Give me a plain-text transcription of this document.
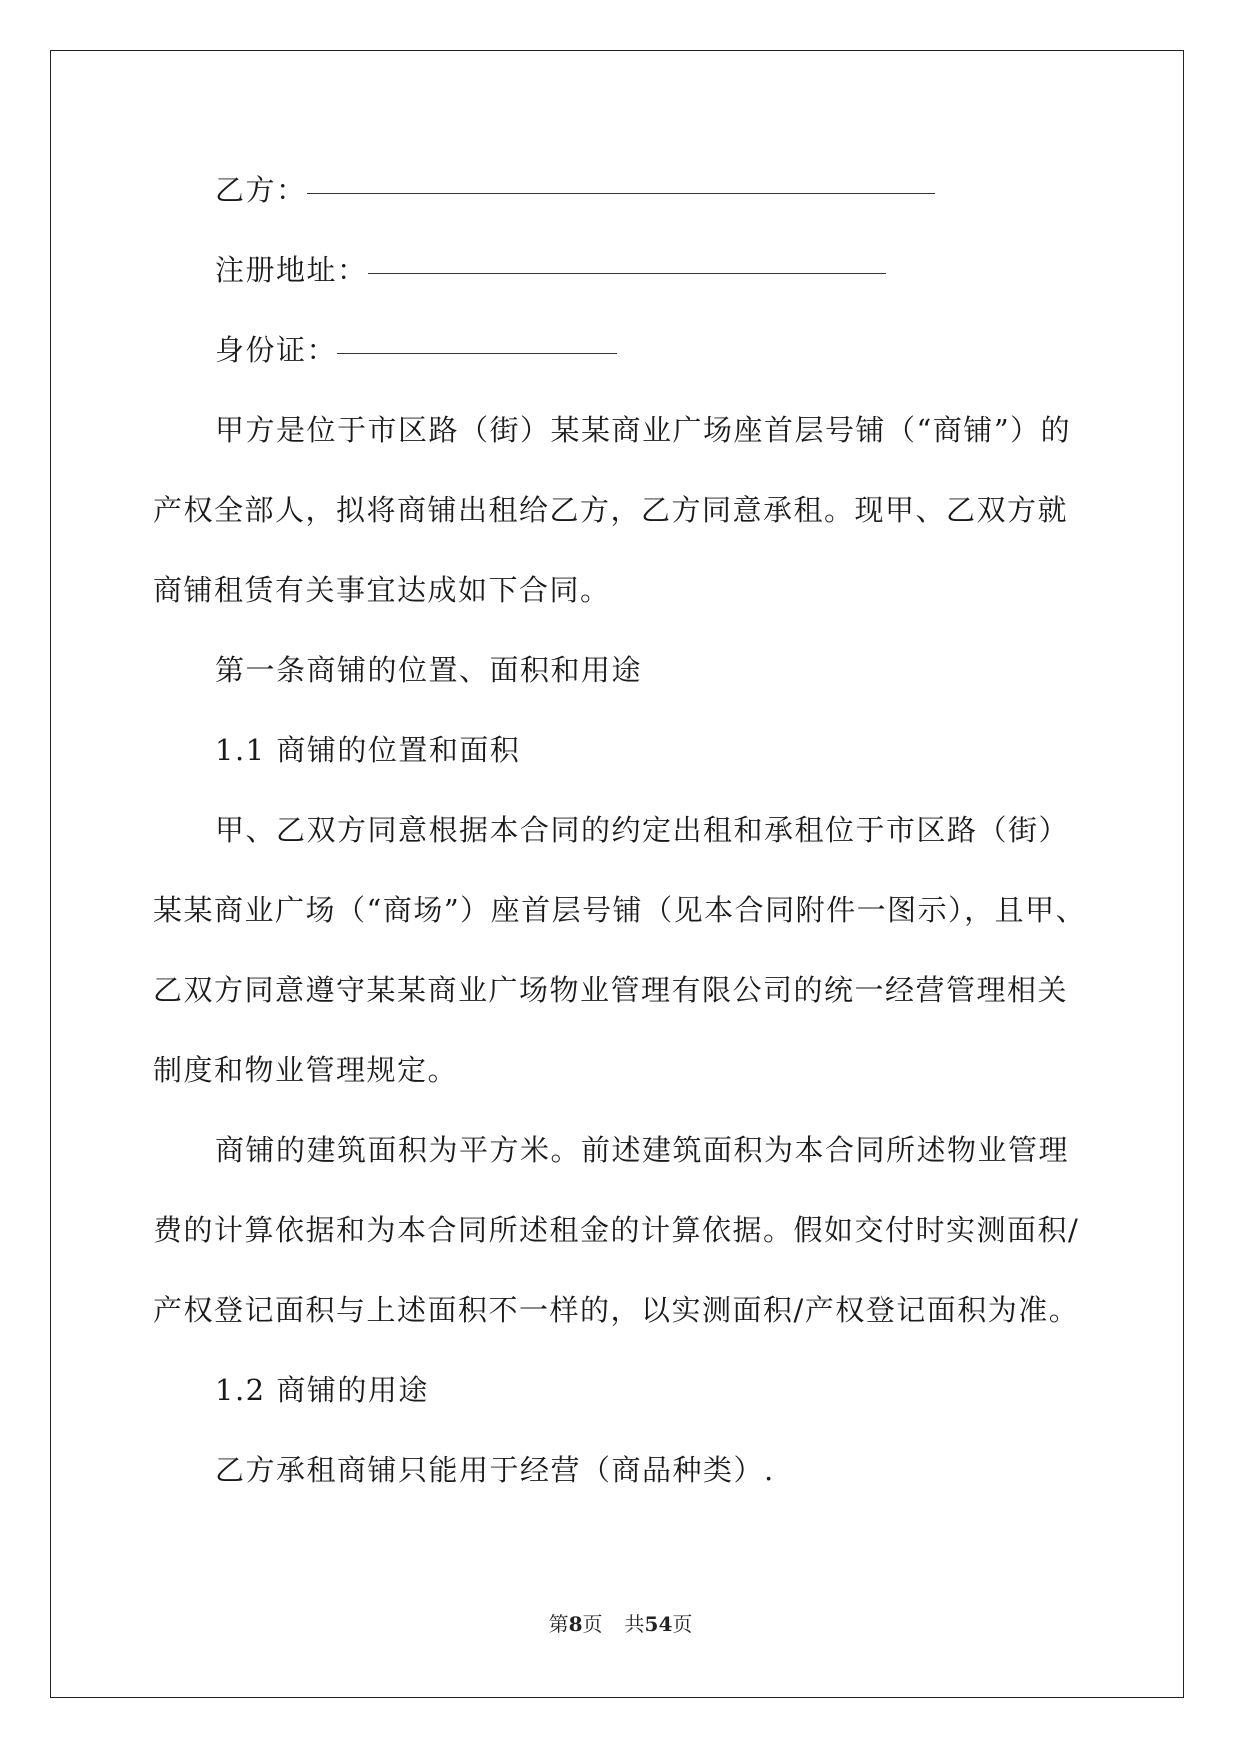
乙方：
注册地址：
身份证：
甲方是位于市区路（街）某某商业广场座首层号铺（“商铺”）的
产权全部人，拟将商铺出租给乙方，乙方同意承租。现甲、乙双方就
商铺租赁有关事宜达成如下合同。
第一条商铺的位置、面积和用途
1.1 商铺的位置和面积
甲、乙双方同意根据本合同的约定出租和承租位于市区路（街）
某某商业广场（“商场”）座首层号铺（见本合同附件一图示），且甲、
乙双方同意遵守某某商业广场物业管理有限公司的统一经营管理相关
制度和物业管理规定。
商铺的建筑面积为平方米。前述建筑面积为本合同所述物业管理
费的计算依据和为本合同所述租金的计算依据。假如交付时实测面积/
产权登记面积与上述面积不一样的，以实测面积/产权登记面积为准。
1.2 商铺的用途
乙方承租商铺只能用于经营（商品种类）.
第8页 共54页
